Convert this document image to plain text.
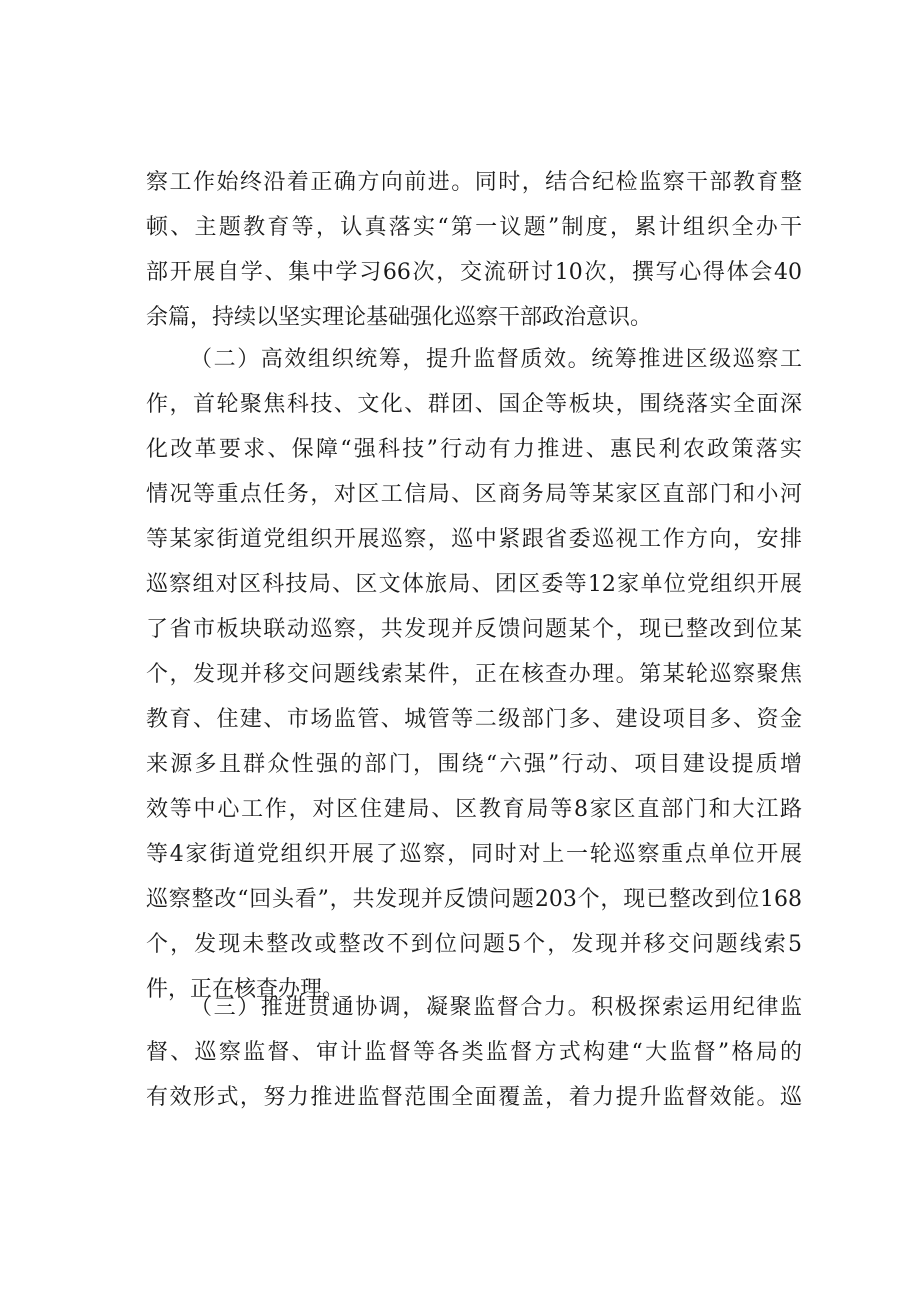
察工作始终沿着正确方向前进。同时，结合纪检监察干部教育整
顿、主题教育等，认真落实“第一议题”制度，累计组织全办干
部开展自学、集中学习66次，交流研讨10次，撰写心得体会40
余篇，持续以坚实理论基础强化巡察干部政治意识。
（二）高效组织统筹，提升监督质效。统筹推进区级巡察工
作，首轮聚焦科技、文化、群团、国企等板块，围绕落实全面深
化改革要求、保障“强科技”行动有力推进、惠民利农政策落实
情况等重点任务，对区工信局、区商务局等某家区直部门和小河
等某家街道党组织开展巡察，巡中紧跟省委巡视工作方向，安排
巡察组对区科技局、区文体旅局、团区委等12家单位党组织开展
了省市板块联动巡察，共发现并反馈问题某个，现已整改到位某
个，发现并移交问题线索某件，正在核查办理。第某轮巡察聚焦
教育、住建、市场监管、城管等二级部门多、建设项目多、资金
来源多且群众性强的部门，围绕“六强”行动、项目建设提质增
效等中心工作，对区住建局、区教育局等8家区直部门和大江路
等4家街道党组织开展了巡察，同时对上一轮巡察重点单位开展
巡察整改“回头看”，共发现并反馈问题203个，现已整改到位168
个，发现未整改或整改不到位问题5个，发现并移交问题线索5
件，正在核查办理。
（三）推进贯通协调，凝聚监督合力。积极探索运用纪律监
督、巡察监督、审计监督等各类监督方式构建“大监督”格局的
有效形式，努力推进监督范围全面覆盖，着力提升监督效能。巡
